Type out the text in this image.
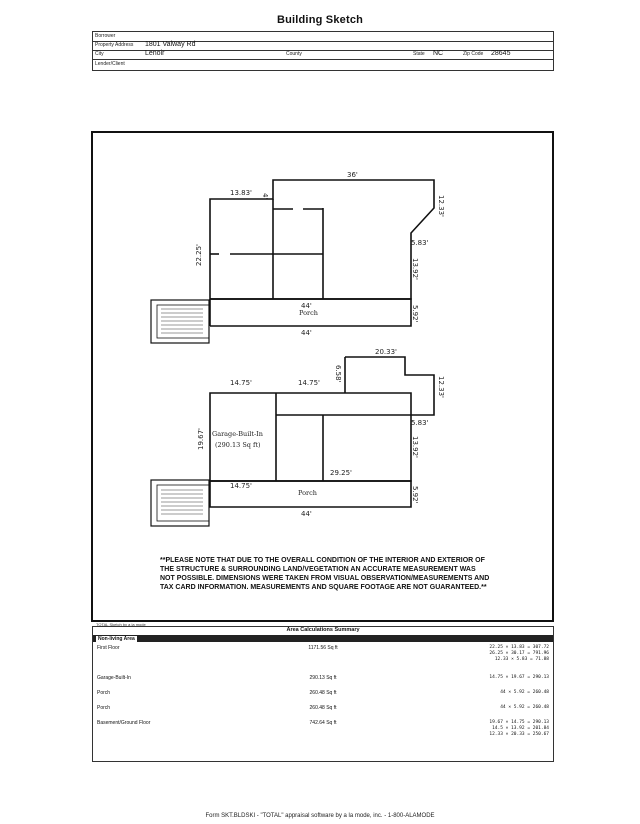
Building Sketch
Borrower
Property Address 1801 Valway Rd
City	Lenoir	County	State NC	Zip Code 28645
Lender/Client
36'
13.83' 4'
22.25'
12.33'
5.83'
13.92'
44'	5.92'
44'
Porch
20.33'
6.58'
14.75'	14.75'	12.33'
5.83'
19.67'	13.92'
29.25'
14.75'	5.92'
44'
Garage-Built-In
(290.13 Sq ft)
Porch
**PLEASE NOTE THAT DUE TO THE OVERALL CONDITION OF THE INTERIOR AND EXTERIOR OF THE STRUCTURE & SURROUNDING LAND/VEGETATION AN ACCURATE MEASUREMENT WAS NOT POSSIBLE. DIMENSIONS WERE TAKEN FROM VISUAL OBSERVATION/MEASUREMENTS AND TAX CARD INFORMATION. MEASUREMENTS AND SQUARE FOOTAGE ARE NOT GUARANTEED.**
TOTAL Sketch by a la mode
Area Calculations Summary
Non-living Area
First Floor	1171.56 Sq ft	22.25 × 13.83 = 307.72
26.25 × 30.17 = 791.96
12.33 × 5.83 = 71.88
Garage-Built-In	290.13 Sq ft	14.75 × 19.67 = 290.13
Porch	260.48 Sq ft	44 × 5.92 = 260.48
Porch	260.48 Sq ft	44 × 5.92 = 260.48
Basement/Ground Floor	742.64 Sq ft	19.67 × 14.75 = 290.13
14.5 × 13.92 = 201.84
12.33 × 20.33 = 250.67
Form SKT.BLDSKI - "TOTAL" appraisal software by a la mode, inc. - 1-800-ALAMODE
